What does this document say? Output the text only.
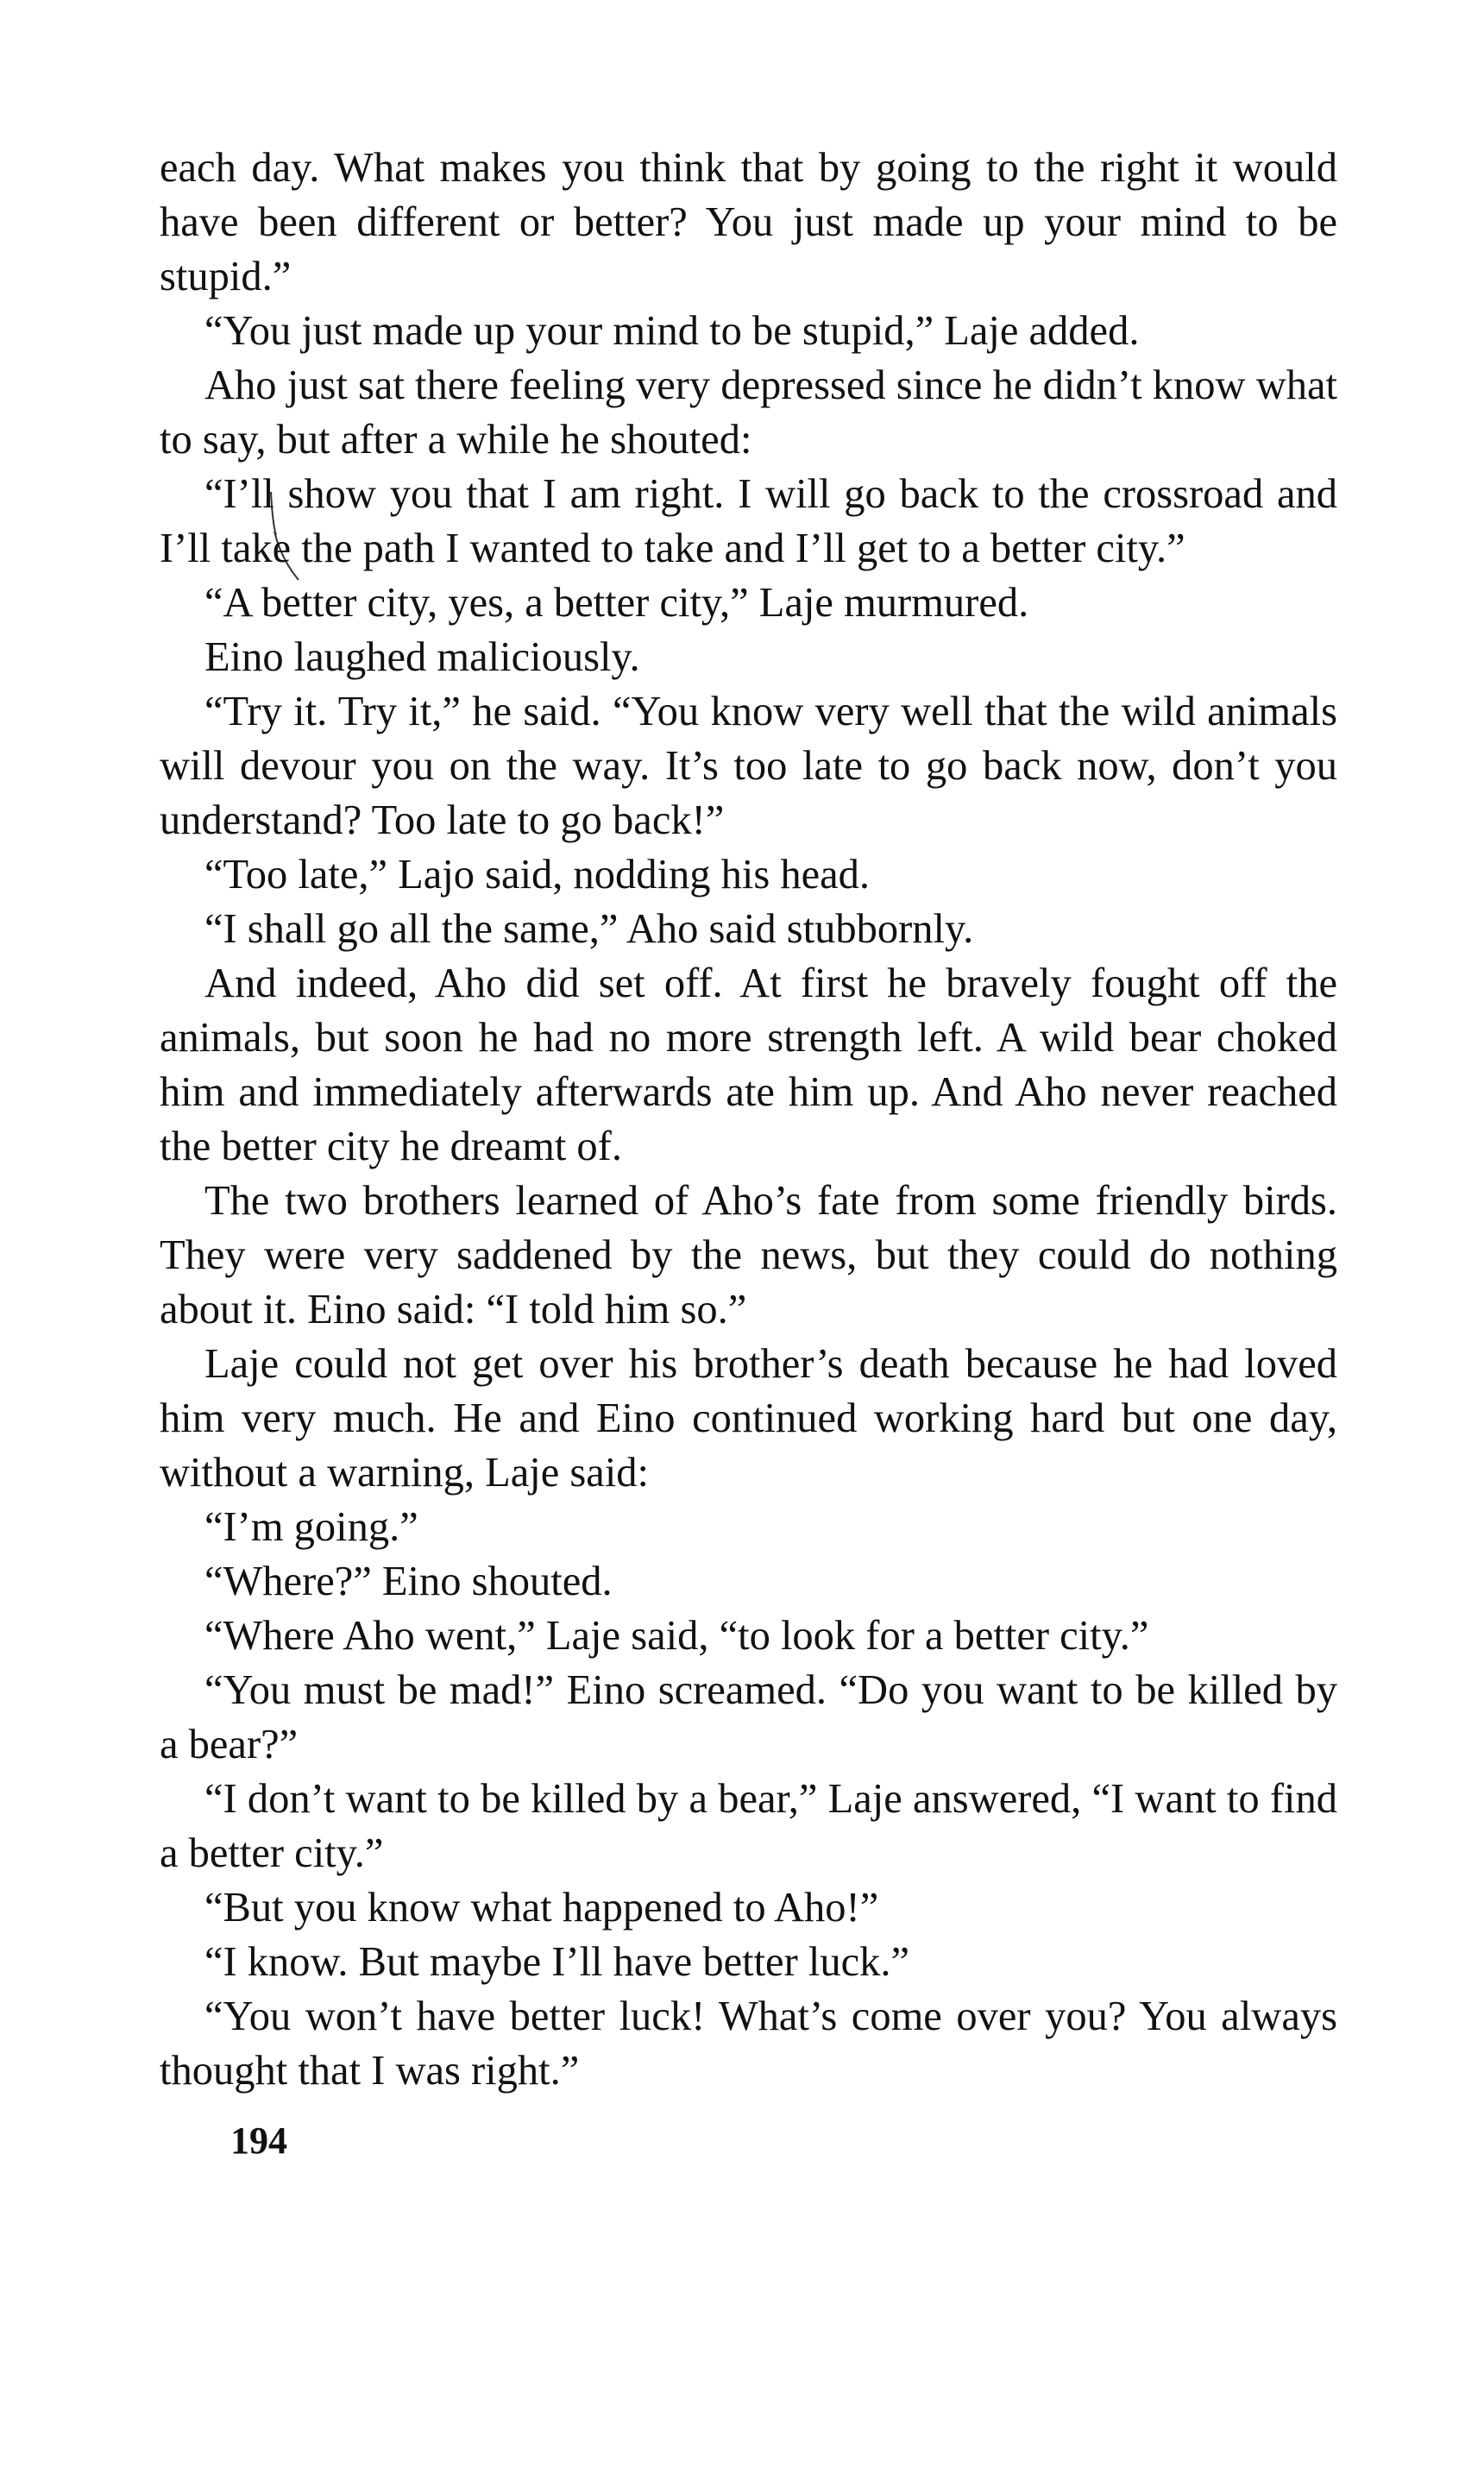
each day. What makes you think that by going to the right it would have been different or better? You just made up your mind to be stupid.”

“You just made up your mind to be stupid,” Laje added.

Aho just sat there feeling very depressed since he didn’t know what to say, but after a while he shouted:

“I’ll show you that I am right. I will go back to the crossroad and I’ll take the path I wanted to take and I’ll get to a better city.”

“A better city, yes, a better city,” Laje murmured.

Eino laughed maliciously.

“Try it. Try it,” he said. “You know very well that the wild animals will devour you on the way. It’s too late to go back now, don’t you understand? Too late to go back!”

“Too late,” Lajo said, nodding his head.

“I shall go all the same,” Aho said stubbornly.

And indeed, Aho did set off. At first he bravely fought off the animals, but soon he had no more strength left. A wild bear choked him and immediately afterwards ate him up. And Aho never reached the better city he dreamt of.

The two brothers learned of Aho’s fate from some friendly birds. They were very saddened by the news, but they could do nothing about it. Eino said: “I told him so.”

Laje could not get over his brother’s death because he had loved him very much. He and Eino continued working hard but one day, without a warning, Laje said:

“I’m going.”

“Where?” Eino shouted.

“Where Aho went,” Laje said, “to look for a better city.”

“You must be mad!” Eino screamed. “Do you want to be killed by a bear?”

“I don’t want to be killed by a bear,” Laje answered, “I want to find a better city.”

“But you know what happened to Aho!”

“I know. But maybe I’ll have better luck.”

“You won’t have better luck! What’s come over you? You always thought that I was right.”

194
